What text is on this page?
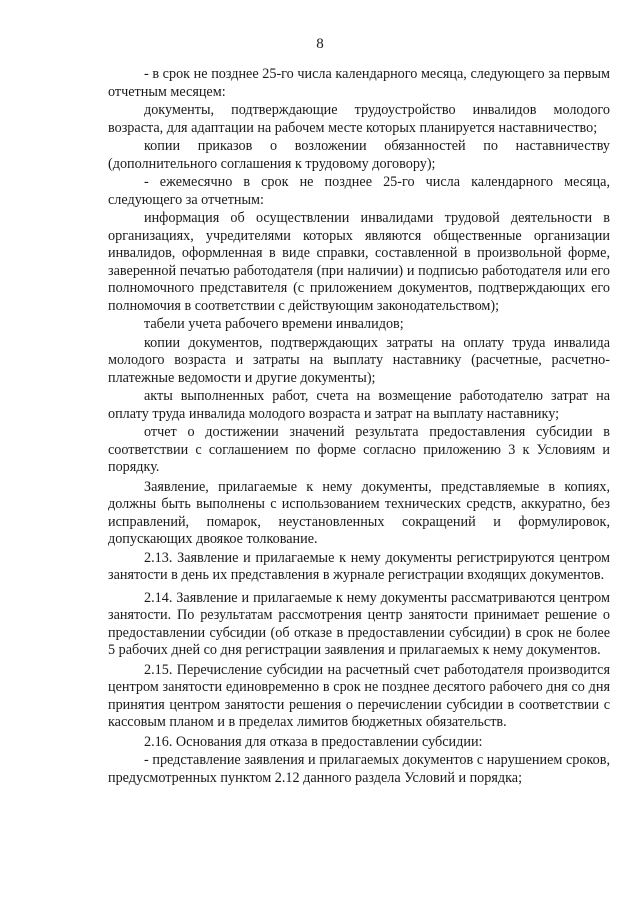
8

- в срок не позднее 25-го числа календарного месяца, следующего за первым отчетным месяцем:

документы, подтверждающие трудоустройство инвалидов молодого возраста, для адаптации на рабочем месте которых планируется наставничество;

копии приказов о возложении обязанностей по наставничеству (дополнительного соглашения к трудовому договору);

- ежемесячно в срок не позднее 25-го числа календарного месяца, следующего за отчетным:

информация об осуществлении инвалидами трудовой деятельности в организациях, учредителями которых являются общественные организации инвалидов, оформленная в виде справки, составленной в произвольной форме, заверенной печатью работодателя (при наличии) и подписью работодателя или его полномочного представителя (с приложением документов, подтверждающих его полномочия в соответствии с действующим законодательством);

табели учета рабочего времени инвалидов;

копии документов, подтверждающих затраты на оплату труда инвалида молодого возраста и затраты на выплату наставнику (расчетные, расчетно-платежные ведомости и другие документы);

акты выполненных работ, счета на возмещение работодателю затрат на оплату труда инвалида молодого возраста и затрат на выплату наставнику;

отчет о достижении значений результата предоставления субсидии в соответствии с соглашением по форме согласно приложению 3 к Условиям и порядку.

Заявление, прилагаемые к нему документы, представляемые в копиях, должны быть выполнены с использованием технических средств, аккуратно, без исправлений, помарок, неустановленных сокращений и формулировок, допускающих двоякое толкование.

2.13. Заявление и прилагаемые к нему документы регистрируются центром занятости в день их представления в журнале регистрации входящих документов.

2.14. Заявление и прилагаемые к нему документы рассматриваются центром занятости. По результатам рассмотрения центр занятости принимает решение о предоставлении субсидии (об отказе в предоставлении субсидии) в срок не более 5 рабочих дней со дня регистрации заявления и прилагаемых к нему документов.

2.15. Перечисление субсидии на расчетный счет работодателя производится центром занятости единовременно в срок не позднее десятого рабочего дня со дня принятия центром занятости решения о перечислении субсидии в соответствии с кассовым планом и в пределах лимитов бюджетных обязательств.

2.16. Основания для отказа в предоставлении субсидии:

- представление заявления и прилагаемых документов с нарушением сроков, предусмотренных пунктом 2.12 данного раздела Условий и порядка;
